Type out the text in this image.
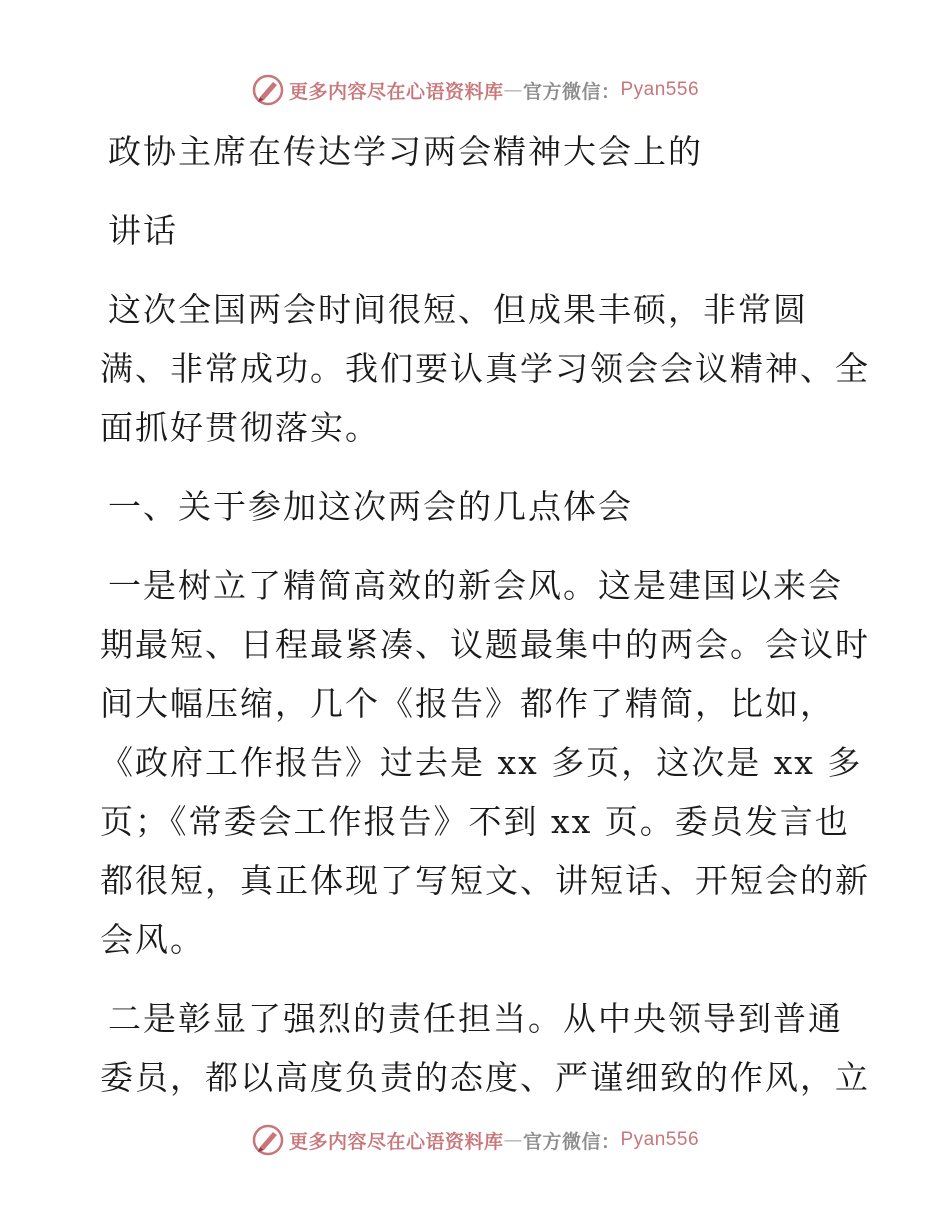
更多内容尽在心语资料库 — 官方微信： Pyan556
政协主席在传达学习两会精神大会上的
讲话
这次全国两会时间很短、但成果丰硕，非常圆
满、非常成功。我们要认真学习领会会议精神、全
面抓好贯彻落实。
一、关于参加这次两会的几点体会
一是树立了精简高效的新会风。这是建国以来会
期最短、日程最紧凑、议题最集中的两会。会议时
间大幅压缩，几个《报告》都作了精简，比如，
《政府工作报告》过去是 xx 多页，这次是 xx 多
页；《常委会工作报告》不到 xx 页。委员发言也
都很短，真正体现了写短文、讲短话、开短会的新
会风。
二是彰显了强烈的责任担当。从中央领导到普通
委员，都以高度负责的态度、严谨细致的作风，立
更多内容尽在心语资料库 — 官方微信： Pyan556
